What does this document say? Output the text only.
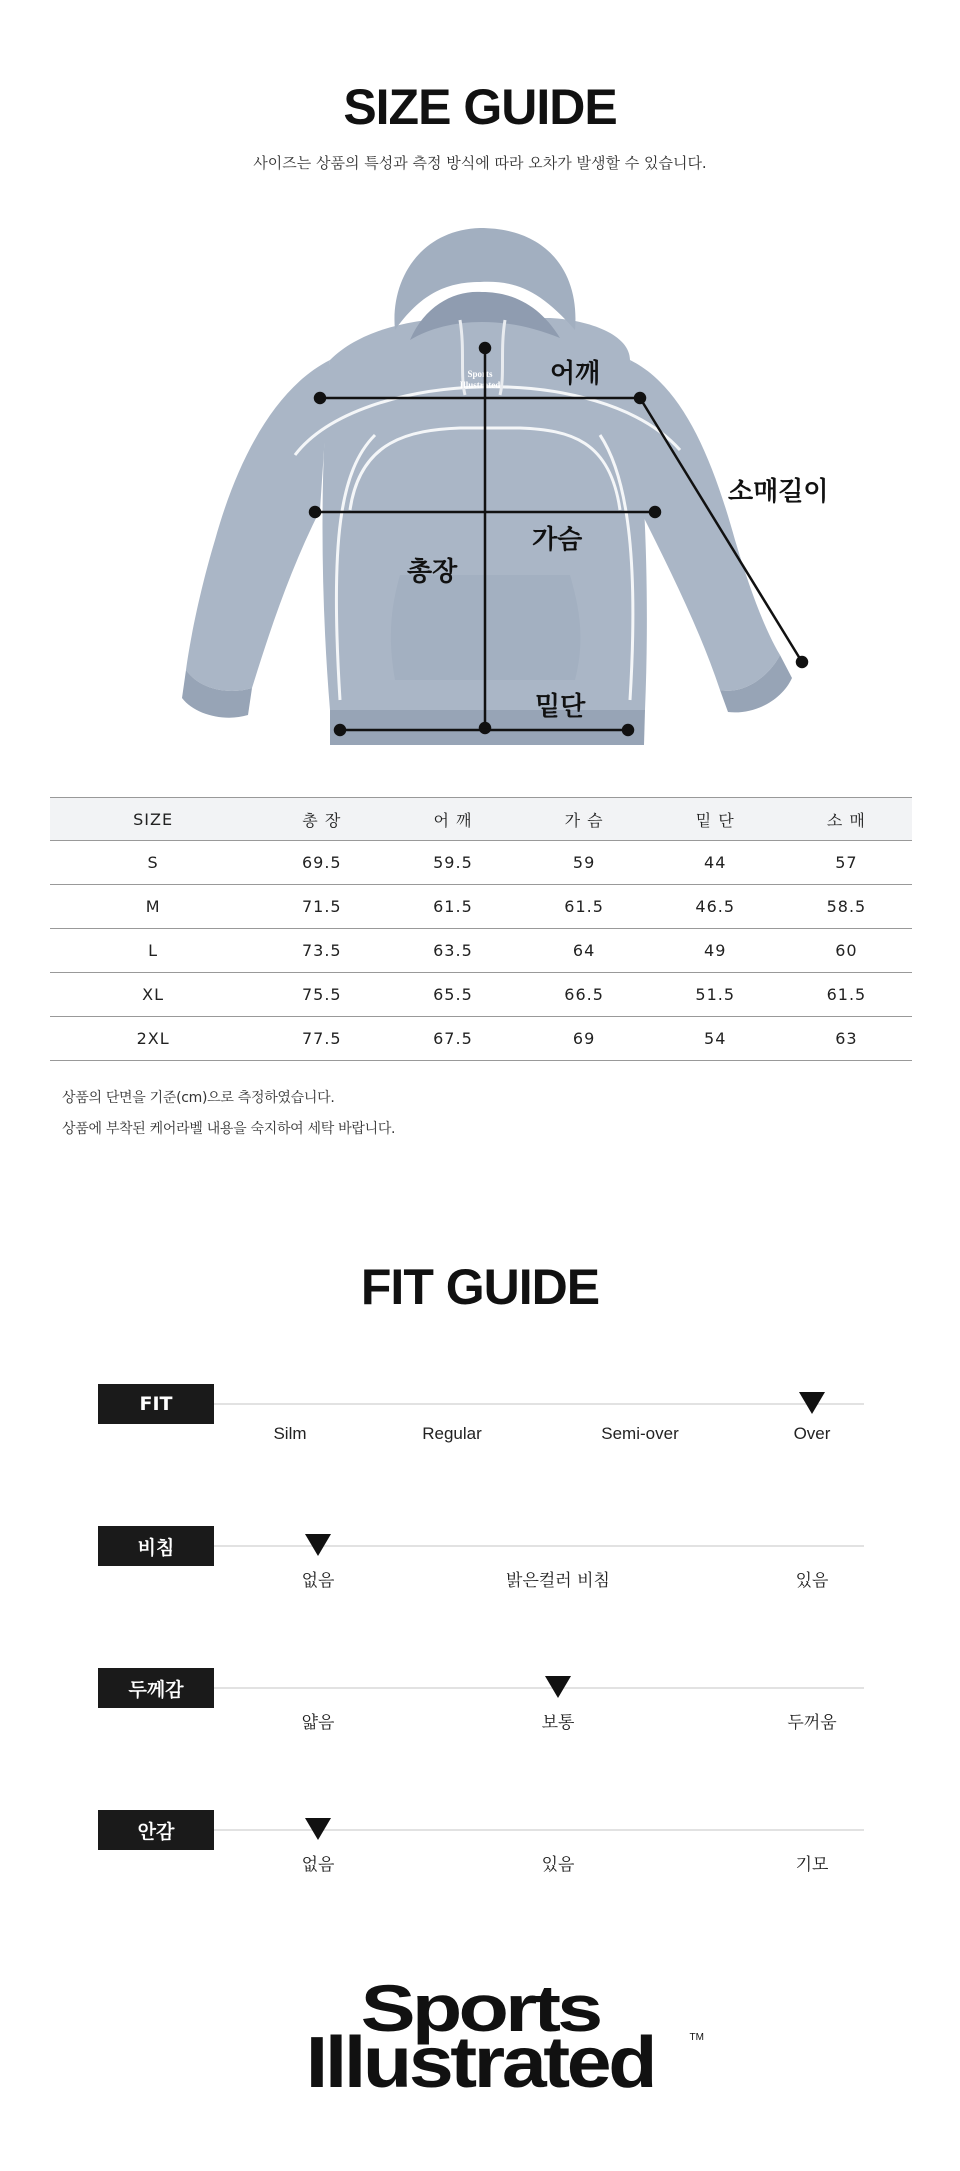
SIZE GUIDE
사이즈는 상품의 특성과 측정 방식에 따라 오차가 발생할 수 있습니다.
Sports
Illustrated 어깨
소매길이
가슴
총장
밑단
SIZE	총 장	어 깨	가 슴	밑 단	소 매
S	69.5	59.5	59	44	57
M	71.5	61.5	61.5	46.5	58.5
L	73.5	63.5	64	49	60
XL	75.5	65.5	66.5	51.5	61.5
2XL	77.5	67.5	69	54	63
상품의 단면을 기준(cm)으로 측정하였습니다.
상품에 부착된 케어라벨 내용을 숙지하여 세탁 바랍니다.
FIT GUIDE
FIT
Silm	Regular	Semi-over	Over
비침
없음	밝은컬러 비침	있음
두께감
얇음	보통	두꺼움
안감
없음	있음	기모
Sports
Illustrated	TM
